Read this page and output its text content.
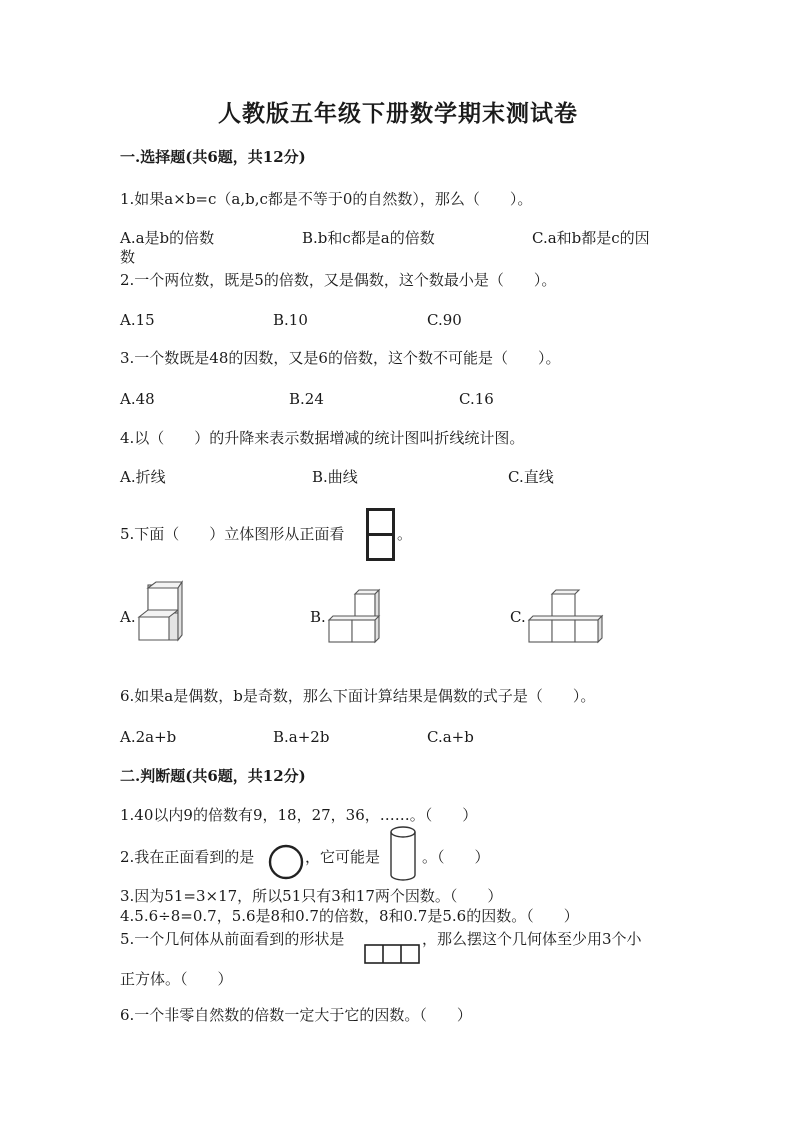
人教版五年级下册数学期末测试卷
一.选择题(共6题，共12分)
1.如果a×b=c（a,b,c都是不等于0的自然数），那么（　　）。
A.a是b的倍数	B.b和c都是a的倍数	C.a和b都是c的因
数
2.一个两位数，既是5的倍数，又是偶数，这个数最小是（　　）。
A.15	B.10	C.90
3.一个数既是48的因数，又是6的倍数，这个数不可能是（　　）。
A.48	B.24	C.16
4.以（　　）的升降来表示数据增减的统计图叫折线统计图。
A.折线	B.曲线	C.直线
5.下面（　　）立体图形从正面看	。
A.	B.	C.
6.如果a是偶数，b是奇数，那么下面计算结果是偶数的式子是（　　）。
A.2a+b	B.a+2b	C.a+b
二.判断题(共6题，共12分)
1.40以内9的倍数有9，18，27，36，……。（　　）
2.我在正面看到的是	，它可能是	。（　　）
3.因为51=3×17，所以51只有3和17两个因数。（　　）
4.5.6÷8=0.7，5.6是8和0.7的倍数，8和0.7是5.6的因数。（　　）
5.一个几何体从前面看到的形状是	，那么摆这个几何体至少用3个小
正方体。（　　）
6.一个非零自然数的倍数一定大于它的因数。（　　）
